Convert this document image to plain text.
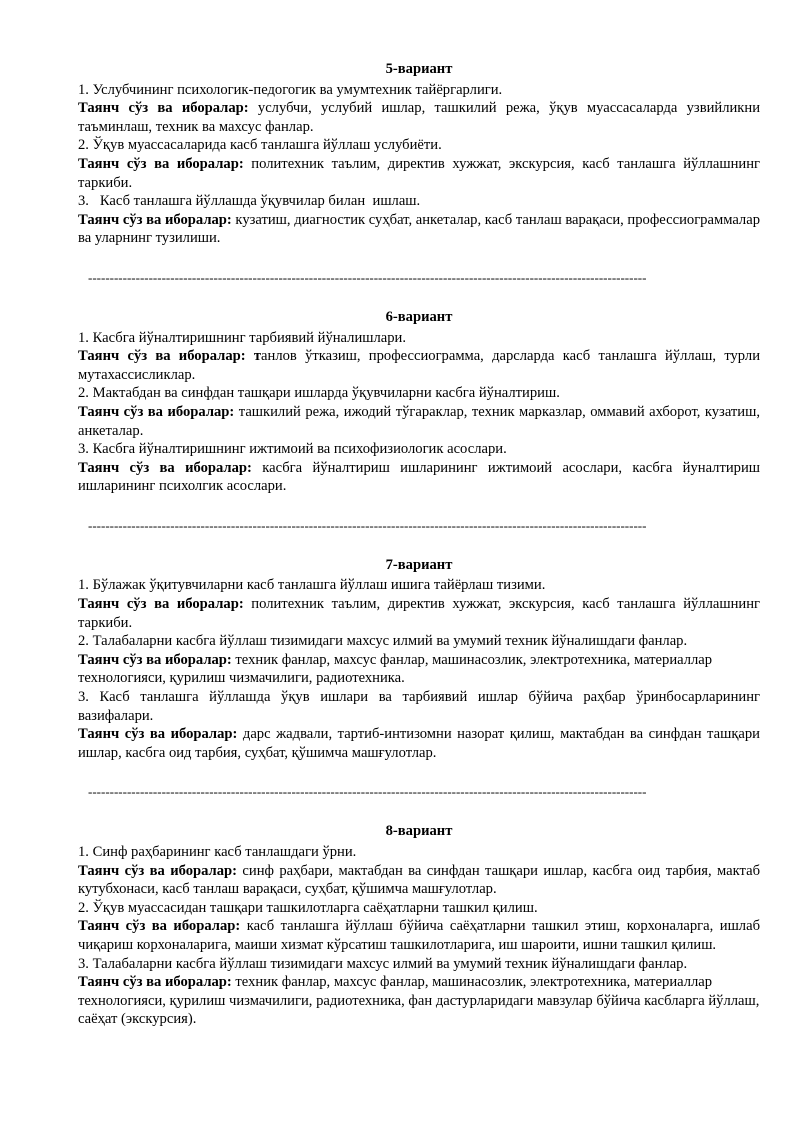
5-вариант

1. Услубчининг психологик-педогогик ва умумтехник тайёргарлиги.

Таянч сўз ва иборалар: услубчи, услубий ишлар, ташкилий режа, ўқув муассасаларда узвийликни таъминлаш, техник ва махсус фанлар.

2. Ўқув муассасаларида касб танлашга йўллаш услубиёти.

Таянч сўз ва иборалар: политехник таълим, директив хужжат, экскурсия, касб танлашга йўллашнинг таркиби.

3.   Касб танлашга йўллашда ўқувчилар билан  ишлаш.

Таянч сўз ва иборалар: кузатиш, диагностик суҳбат, анкеталар, касб танлаш варақаси, профессиограммалар ва уларнинг тузилиши.

---------------------------------------------------------------------------------------------------------------------------------

6-вариант

1. Касбга йўналтиришнинг тарбиявий йўналишлари.

Таянч сўз ва иборалар: танлов ўтказиш, профессиограмма, дарсларда касб танлашга йўллаш, турли мутахассисликлар.

2. Мактабдан ва синфдан ташқари ишларда ўқувчиларни касбга йўналтириш.

Таянч сўз ва иборалар: ташкилий режа, ижодий тўгараклар, техник марказлар, оммавий ахборот, кузатиш, анкеталар.

3. Касбга йўналтиришнинг ижтимоий ва психофизиологик асослари.

Таянч сўз ва иборалар: касбга йўналтириш ишларининг ижтимоий асослари, касбга йуналтириш ишларининг психолгик асослари.

---------------------------------------------------------------------------------------------------------------------------------

7-вариант

1. Бўлажак ўқитувчиларни касб танлашга йўллаш ишига тайёрлаш тизими.

Таянч сўз ва иборалар: политехник таълим, директив хужжат, экскурсия, касб танлашга йўллашнинг таркиби.

2. Талабаларни касбга йўллаш тизимидаги махсус илмий ва умумий техник йўналишдаги фанлар.

Таянч сўз ва иборалар: техник фанлар, махсус фанлар, машинасозлик, электротехника, материаллар технологияси, қурилиш чизмачилиги, радиотехника.

3. Касб танлашга йўллашда ўқув ишлари ва тарбиявий ишлар бўйича раҳбар ўринбосарларининг вазифалари.

Таянч сўз ва иборалар: дарс жадвали, тартиб-интизомни назорат қилиш, мактабдан ва синфдан ташқари ишлар, касбга оид тарбия, суҳбат, қўшимча машғулотлар.

---------------------------------------------------------------------------------------------------------------------------------

8-вариант

1. Синф раҳбарининг касб танлашдаги ўрни.

Таянч сўз ва иборалар: синф раҳбари, мактабдан ва синфдан ташқари ишлар, касбга оид тарбия, мактаб кутубхонаси, касб танлаш варақаси, суҳбат, қўшимча машғулотлар.

2. Ўқув муассасидан ташқари ташкилотларга саёҳатларни ташкил қилиш.

Таянч сўз ва иборалар: касб танлашга йўллаш бўйича саёҳатларни ташкил этиш, корхоналарга, ишлаб чиқариш корхоналарига, маиши хизмат кўрсатиш ташкилотларига, иш шароити, ишни ташкил қилиш.

3. Талабаларни касбга йўллаш тизимидаги махсус илмий ва умумий техник йўналишдаги фанлар.

Таянч сўз ва иборалар: техник фанлар, махсус фанлар, машинасозлик, электротехника, материаллар технологияси, қурилиш чизмачилиги, радиотехника, фан дастурларидаги мавзулар бўйича касбларга йўллаш, саёҳат (экскурсия).
